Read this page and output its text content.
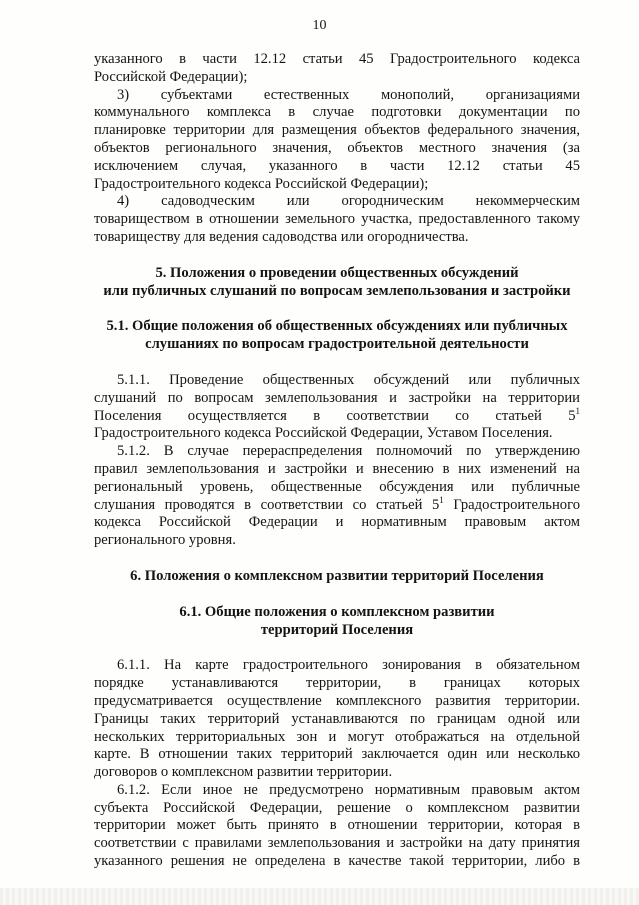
10
указанного в части 12.12 статьи 45 Градостроительного кодекса
Российской Федерации);
3) субъектами естественных монополий, организациями
коммунального комплекса в случае подготовки документации по
планировке территории для размещения объектов федерального значения,
объектов регионального значения, объектов местного значения (за
исключением случая, указанного в части 12.12 статьи 45
Градостроительного кодекса Российской Федерации);
4) садоводческим или огородническим некоммерческим
товариществом в отношении земельного участка, предоставленного такому
товариществу для ведения садоводства или огородничества.
5. Положения о проведении общественных обсуждений
или публичных слушаний по вопросам землепользования и застройки
5.1. Общие положения об общественных обсуждениях или публичных
слушаниях по вопросам градостроительной деятельности
5.1.1. Проведение общественных обсуждений или публичных
слушаний по вопросам землепользования и застройки на территории
Поселения осуществляется в соответствии со статьей $5^1$
Градостроительного кодекса Российской Федерации, Уставом Поселения.
5.1.2. В случае перераспределения полномочий по утверждению
правил землепользования и застройки и внесению в них изменений на
региональный уровень, общественные обсуждения или публичные
слушания проводятся в соответствии со статьей $5^1$ Градостроительного
кодекса Российской Федерации и нормативным правовым актом
регионального уровня.
6. Положения о комплексном развитии территорий Поселения
6.1. Общие положения о комплексном развитии
территорий Поселения
6.1.1. На карте градостроительного зонирования в обязательном
порядке устанавливаются территории, в границах которых
предусматривается осуществление комплексного развития территории.
Границы таких территорий устанавливаются по границам одной или
нескольких территориальных зон и могут отображаться на отдельной
карте. В отношении таких территорий заключается один или несколько
договоров о комплексном развитии территории.
6.1.2. Если иное не предусмотрено нормативным правовым актом
субъекта Российской Федерации, решение о комплексном развитии
территории может быть принято в отношении территории, которая в
соответствии с правилами землепользования и застройки на дату принятия
указанного решения не определена в качестве такой территории, либо в
